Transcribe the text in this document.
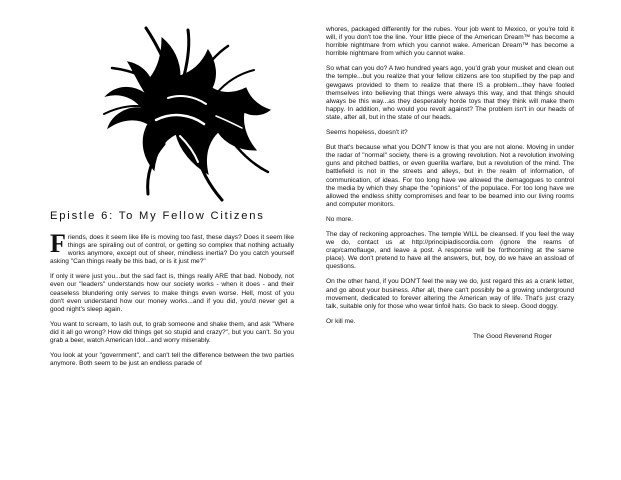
Epistle 6: To My Fellow Citizens

Friends, does it seem like life is moving too fast, these days? Does it seem like things are spiraling out of control, or getting so complex that nothing actually works anymore, except out of sheer, mindless inertia? Do you catch yourself asking "Can things really be this bad, or is it just me?"

If only it were just you...but the sad fact is, things really ARE that bad. Nobody, not even our "leaders" understands how our society works - when it does - and their ceaseless blundering only serves to make things even worse. Hell, most of you don't even understand how our money works...and if you did, you'd never get a good night's sleep again.

You want to scream, to lash out, to grab someone and shake them, and ask "Where did it all go wrong? How did things get so stupid and crazy?", but you can't. So you grab a beer, watch American Idol...and worry miserably.

You look at your "government", and can't tell the difference between the two parties anymore. Both seem to be just an endless parade of

whores, packaged differently for the rubes. Your job went to Mexico, or you're told it will, if you don't toe the line. Your little piece of the American Dream™ has become a horrible nightmare from which you cannot wake. American Dream™ has become a horrible nightmare from which you cannot wake.

So what can you do? A two hundred years ago, you'd grab your musket and clean out the temple...but you realize that your fellow citizens are too stupified by the pap and gewgaws provided to them to realize that there IS a problem...they have fooled themselves into believing that things were always this way, and that things should always be this way...as they desperately horde toys that they think will make them happy. In addition, who would you revolt against? The problem isn't in our heads of state, after all, but in the state of our heads.

Seems hopeless, doesn't it?

But that's because what you DON'T know is that you are not alone. Moving in under the radar of "normal" society, there is a growing revolution. Not a revolution involving guns and pitched battles, or even guerilla warfare, but a revolution of the mind. The battlefield is not in the streets and alleys, but in the realm of information, of communication, of ideas. For too long have we allowed the demagogues to control the media by which they shape the "opinions" of the populace. For too long have we allowed the endless shitty compromises and fear to be beamed into our living rooms and computer monitors.

No more.

The day of reckoning approaches. The temple WILL be cleansed. If you feel the way we do, contact us at http://principiadiscordia.com (ignore the reams of crap/camoflauge, and leave a post. A response will be forthcoming at the same place). We don't pretend to have all the answers, but, boy, do we have an assload of questions.

On the other hand, if you DON'T feel the way we do, just regard this as a crank letter, and go about your business. After all, there can't possibly be a growing underground movement, dedicated to forever altering the American way of life. That's just crazy talk, suitable only for those who wear tinfoil hats. Go back to sleep. Good doggy.

Or kill me.

The Good Reverend Roger
